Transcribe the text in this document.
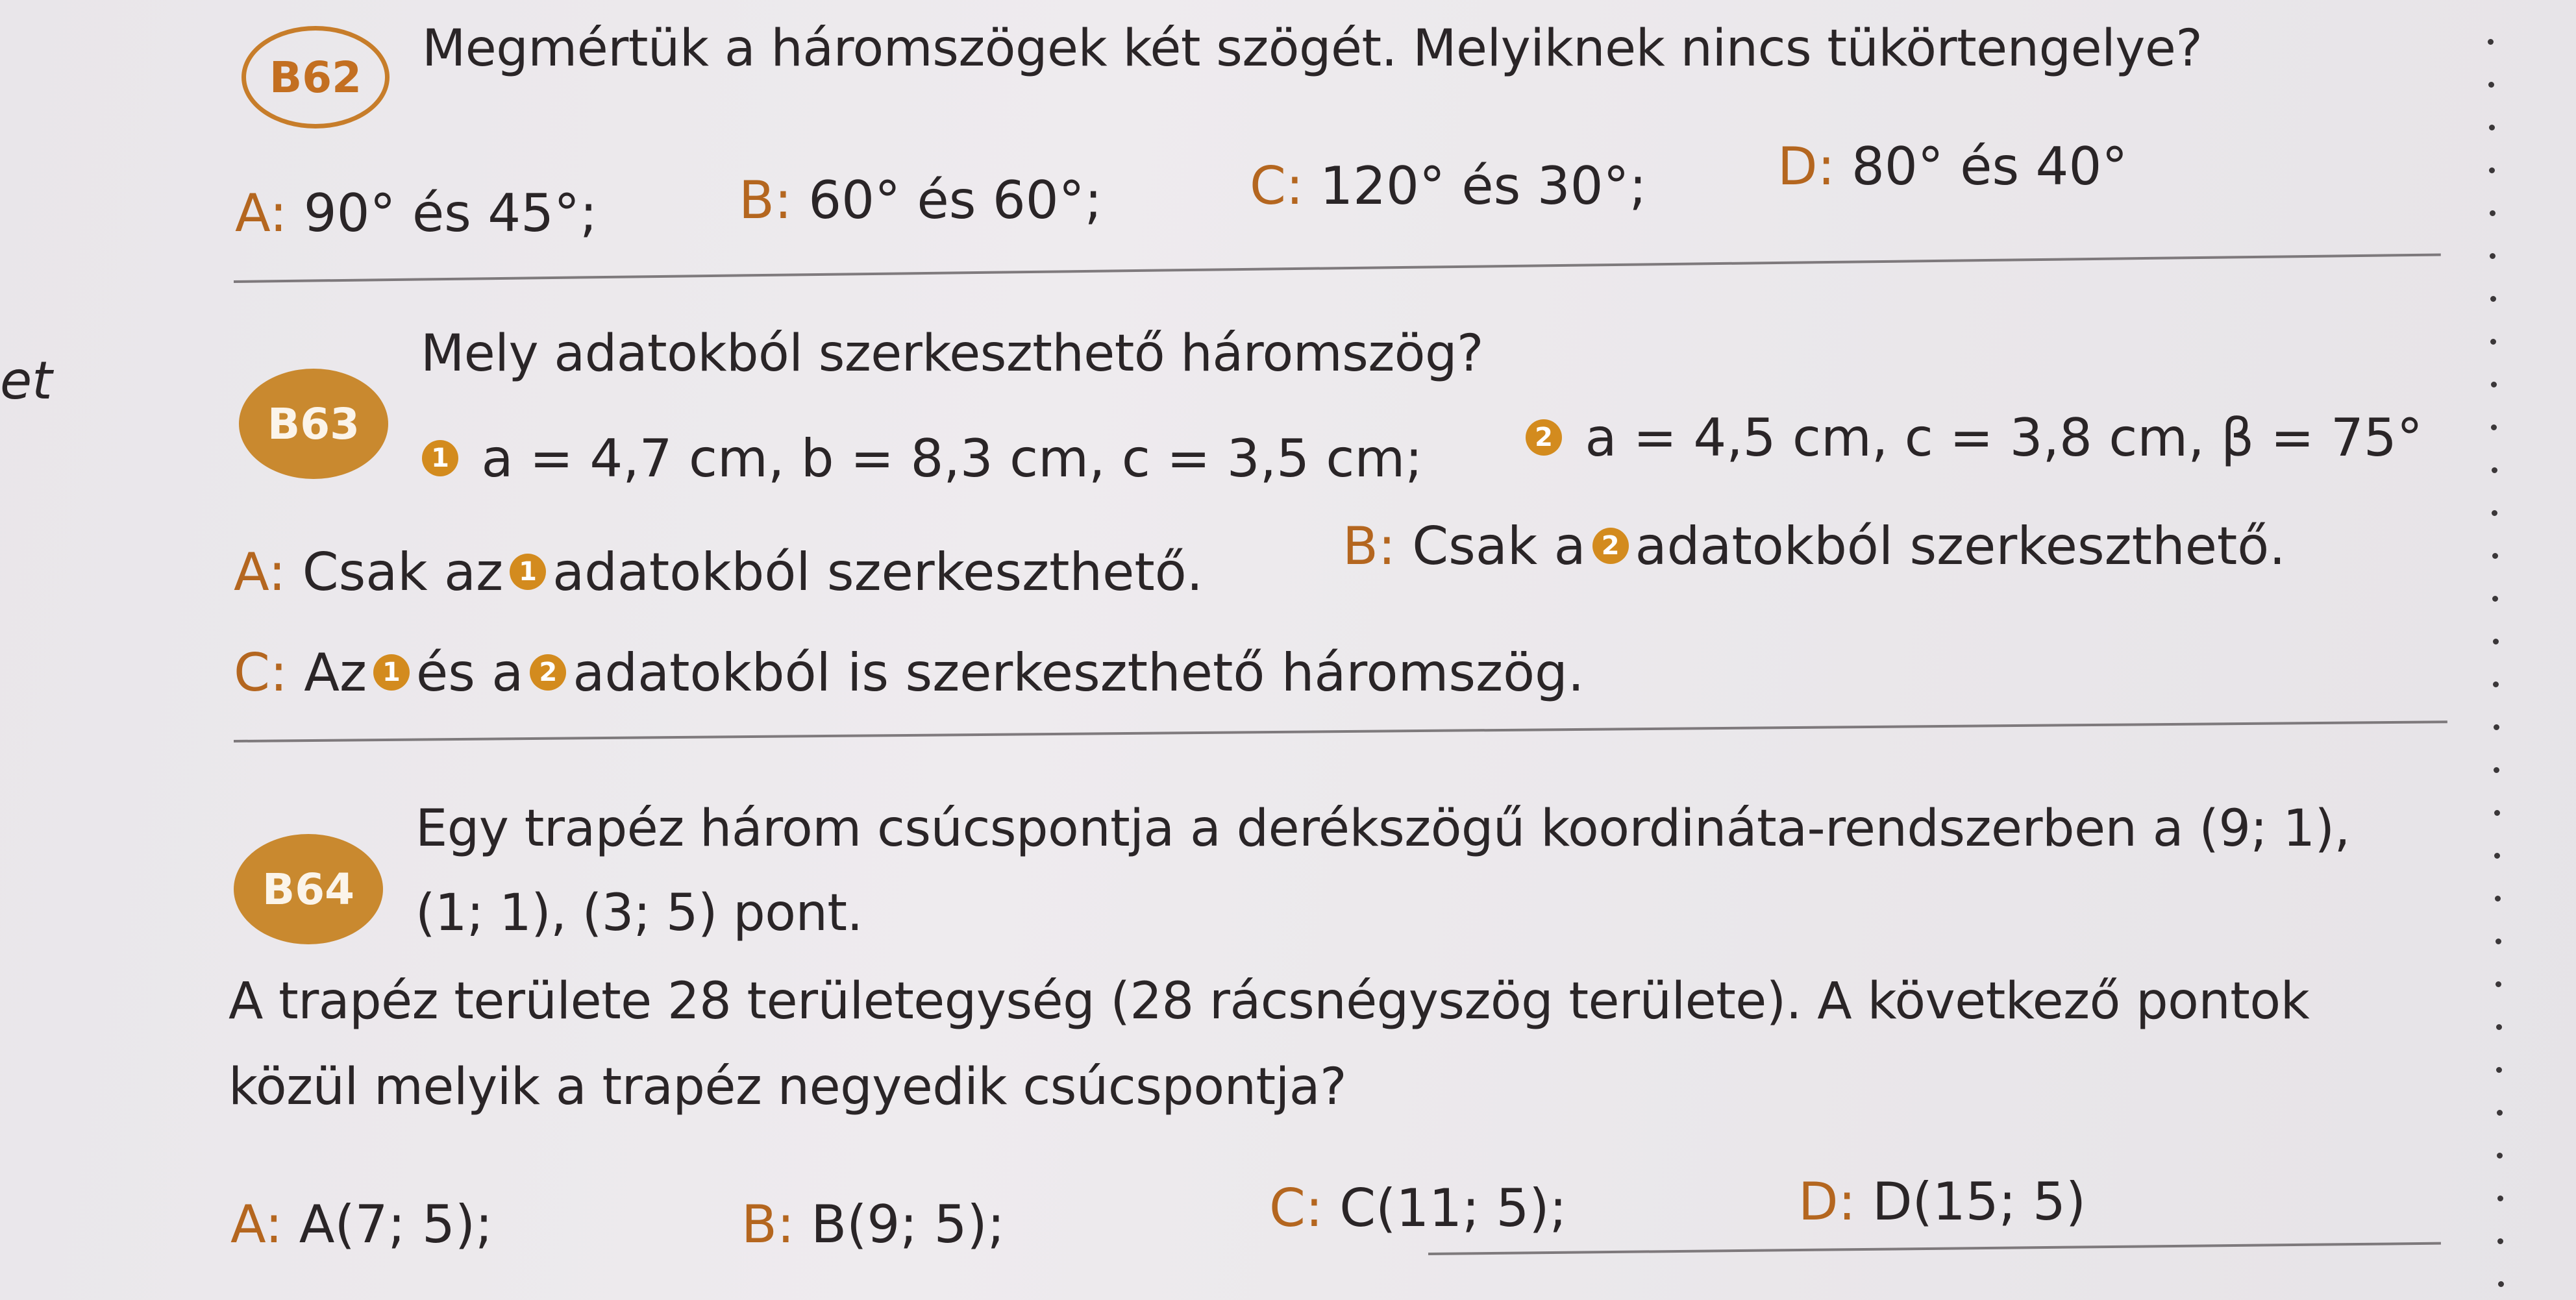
et
B62 Megmértük a háromszögek két szögét. Melyiknek nincs tükörtengelye?
A: 90° és 45°;	B: 60° és 60°;	C: 120° és 30°;	D: 80° és 40°
B63
Mely adatokból szerkeszthető háromszög?
1 a = 4,7 cm, b = 8,3 cm, c = 3,5 cm;	2 a = 4,5 cm, c = 3,8 cm, β = 75°
A: Csak az 1 adatokból szerkeszthető.	B: Csak a 2 adatokból szerkeszthető.
C: Az 1 és a 2 adatokból is szerkeszthető háromszög.
B64
Egy trapéz három csúcspontja a derékszögű koordináta-rendszerben a (9; 1),
(1; 1), (3; 5) pont.
A trapéz területe 28 területegység (28 rácsnégyszög területe). A következő pontok
közül melyik a trapéz negyedik csúcspontja?
A: A(7; 5);	B: B(9; 5);	C: C(11; 5);	D: D(15; 5)
